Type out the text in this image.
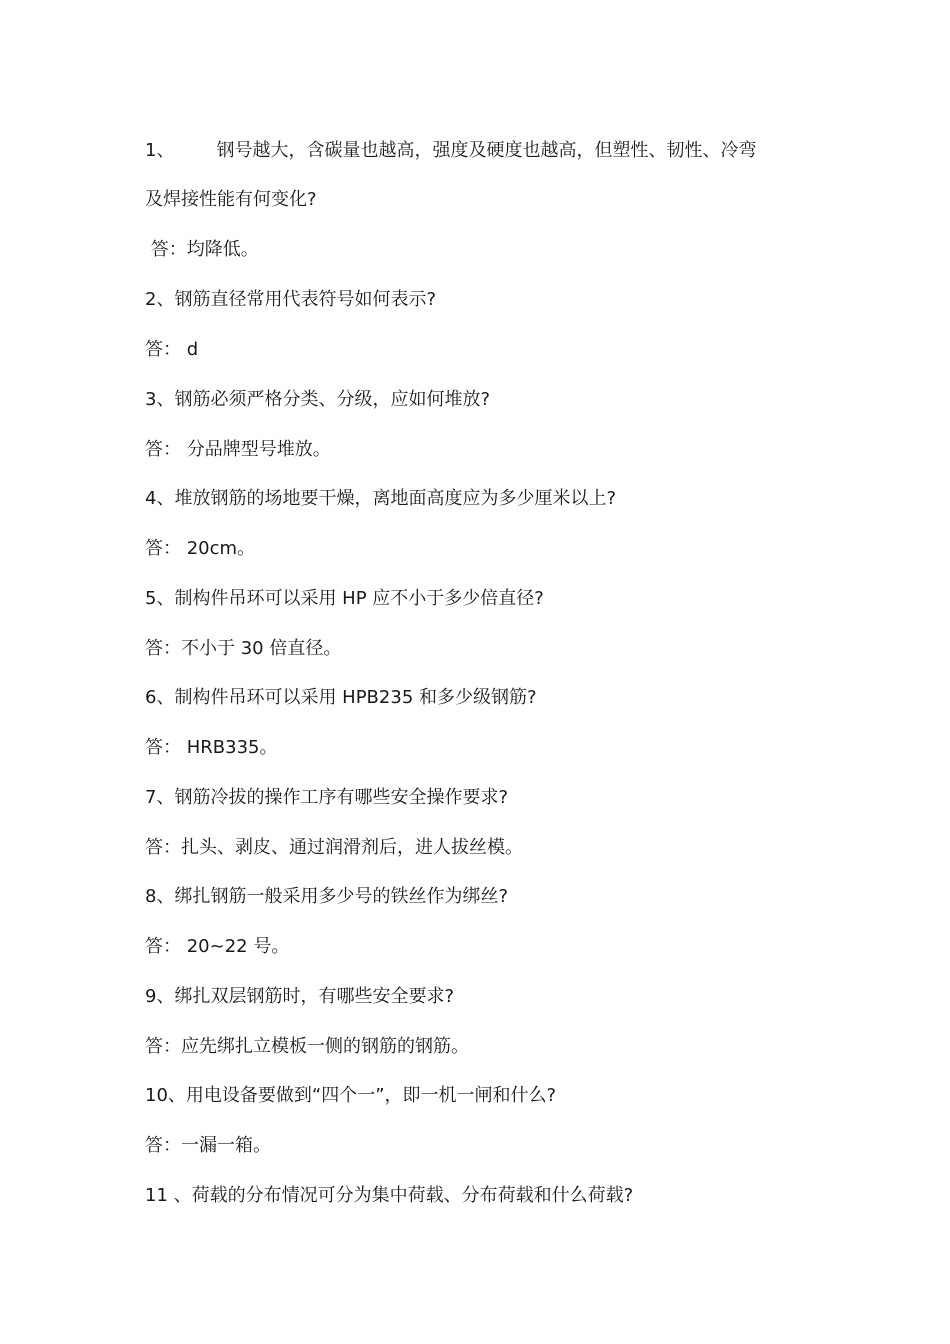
1、 钢号越大，含碳量也越高，强度及硬度也越高，但塑性、韧性、冷弯
及焊接性能有何变化?
答：均降低。
2、钢筋直径常用代表符号如何表示?
答： d
3、钢筋必须严格分类、分级，应如何堆放?
答： 分品牌型号堆放。
4、堆放钢筋的场地要干燥，离地面高度应为多少厘米以上?
答： 20cm。
5、制构件吊环可以采用 HP 应不小于多少倍直径?
答：不小于 30 倍直径。
6、制构件吊环可以采用 HPB235 和多少级钢筋?
答： HRB335。
7、钢筋冷拔的操作工序有哪些安全操作要求?
答：扎头、剥皮、通过润滑剂后，进人拔丝模。
8、绑扎钢筋一般采用多少号的铁丝作为绑丝?
答： 20~22 号。
9、绑扎双层钢筋时，有哪些安全要求?
答：应先绑扎立模板一侧的钢筋的钢筋。
10、用电设备要做到“四个一”，即一机一闸和什么?
答：一漏一箱。
11 、荷载的分布情况可分为集中荷载、分布荷载和什么荷载?
